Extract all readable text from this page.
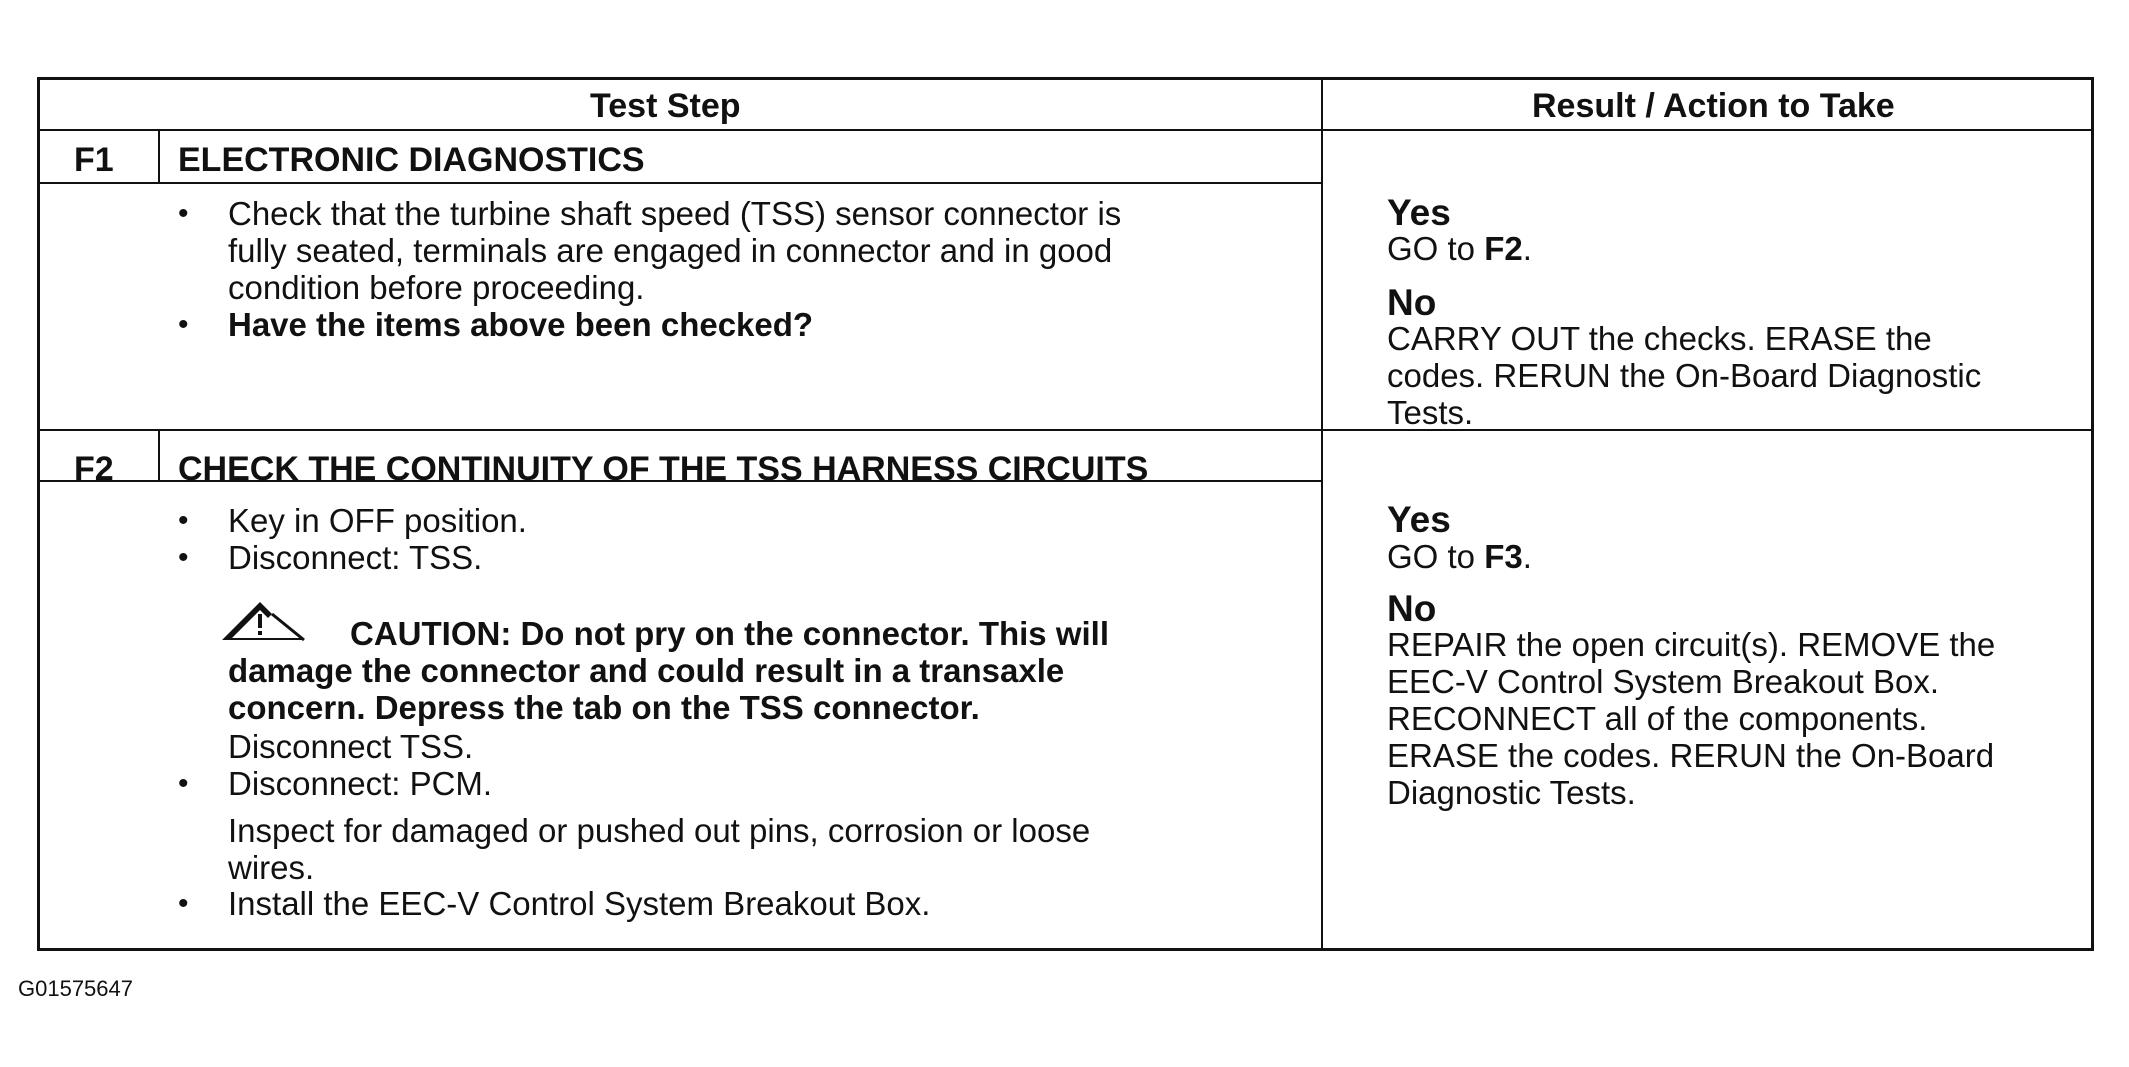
Test Step	Result / Action to Take
F1 ELECTRONIC DIAGNOSTICS
• Check that the turbine shaft speed (TSS) sensor connector is
fully seated, terminals are engaged in connector and in good
condition before proceeding.
• Have the items above been checked?
Yes
GO to F2.
No
CARRY OUT the checks. ERASE the
codes. RERUN the On-Board Diagnostic
Tests.
F2 CHECK THE CONTINUITY OF THE TSS HARNESS CIRCUITS
• Key in OFF position.
• Disconnect: TSS.
CAUTION: Do not pry on the connector. This will
damage the connector and could result in a transaxle
concern. Depress the tab on the TSS connector.
Disconnect TSS.
• Disconnect: PCM.
Inspect for damaged or pushed out pins, corrosion or loose
wires.
• Install the EEC-V Control System Breakout Box.
Yes
GO to F3.
No
REPAIR the open circuit(s). REMOVE the
EEC-V Control System Breakout Box.
RECONNECT all of the components.
ERASE the codes. RERUN the On-Board
Diagnostic Tests.
G01575647
